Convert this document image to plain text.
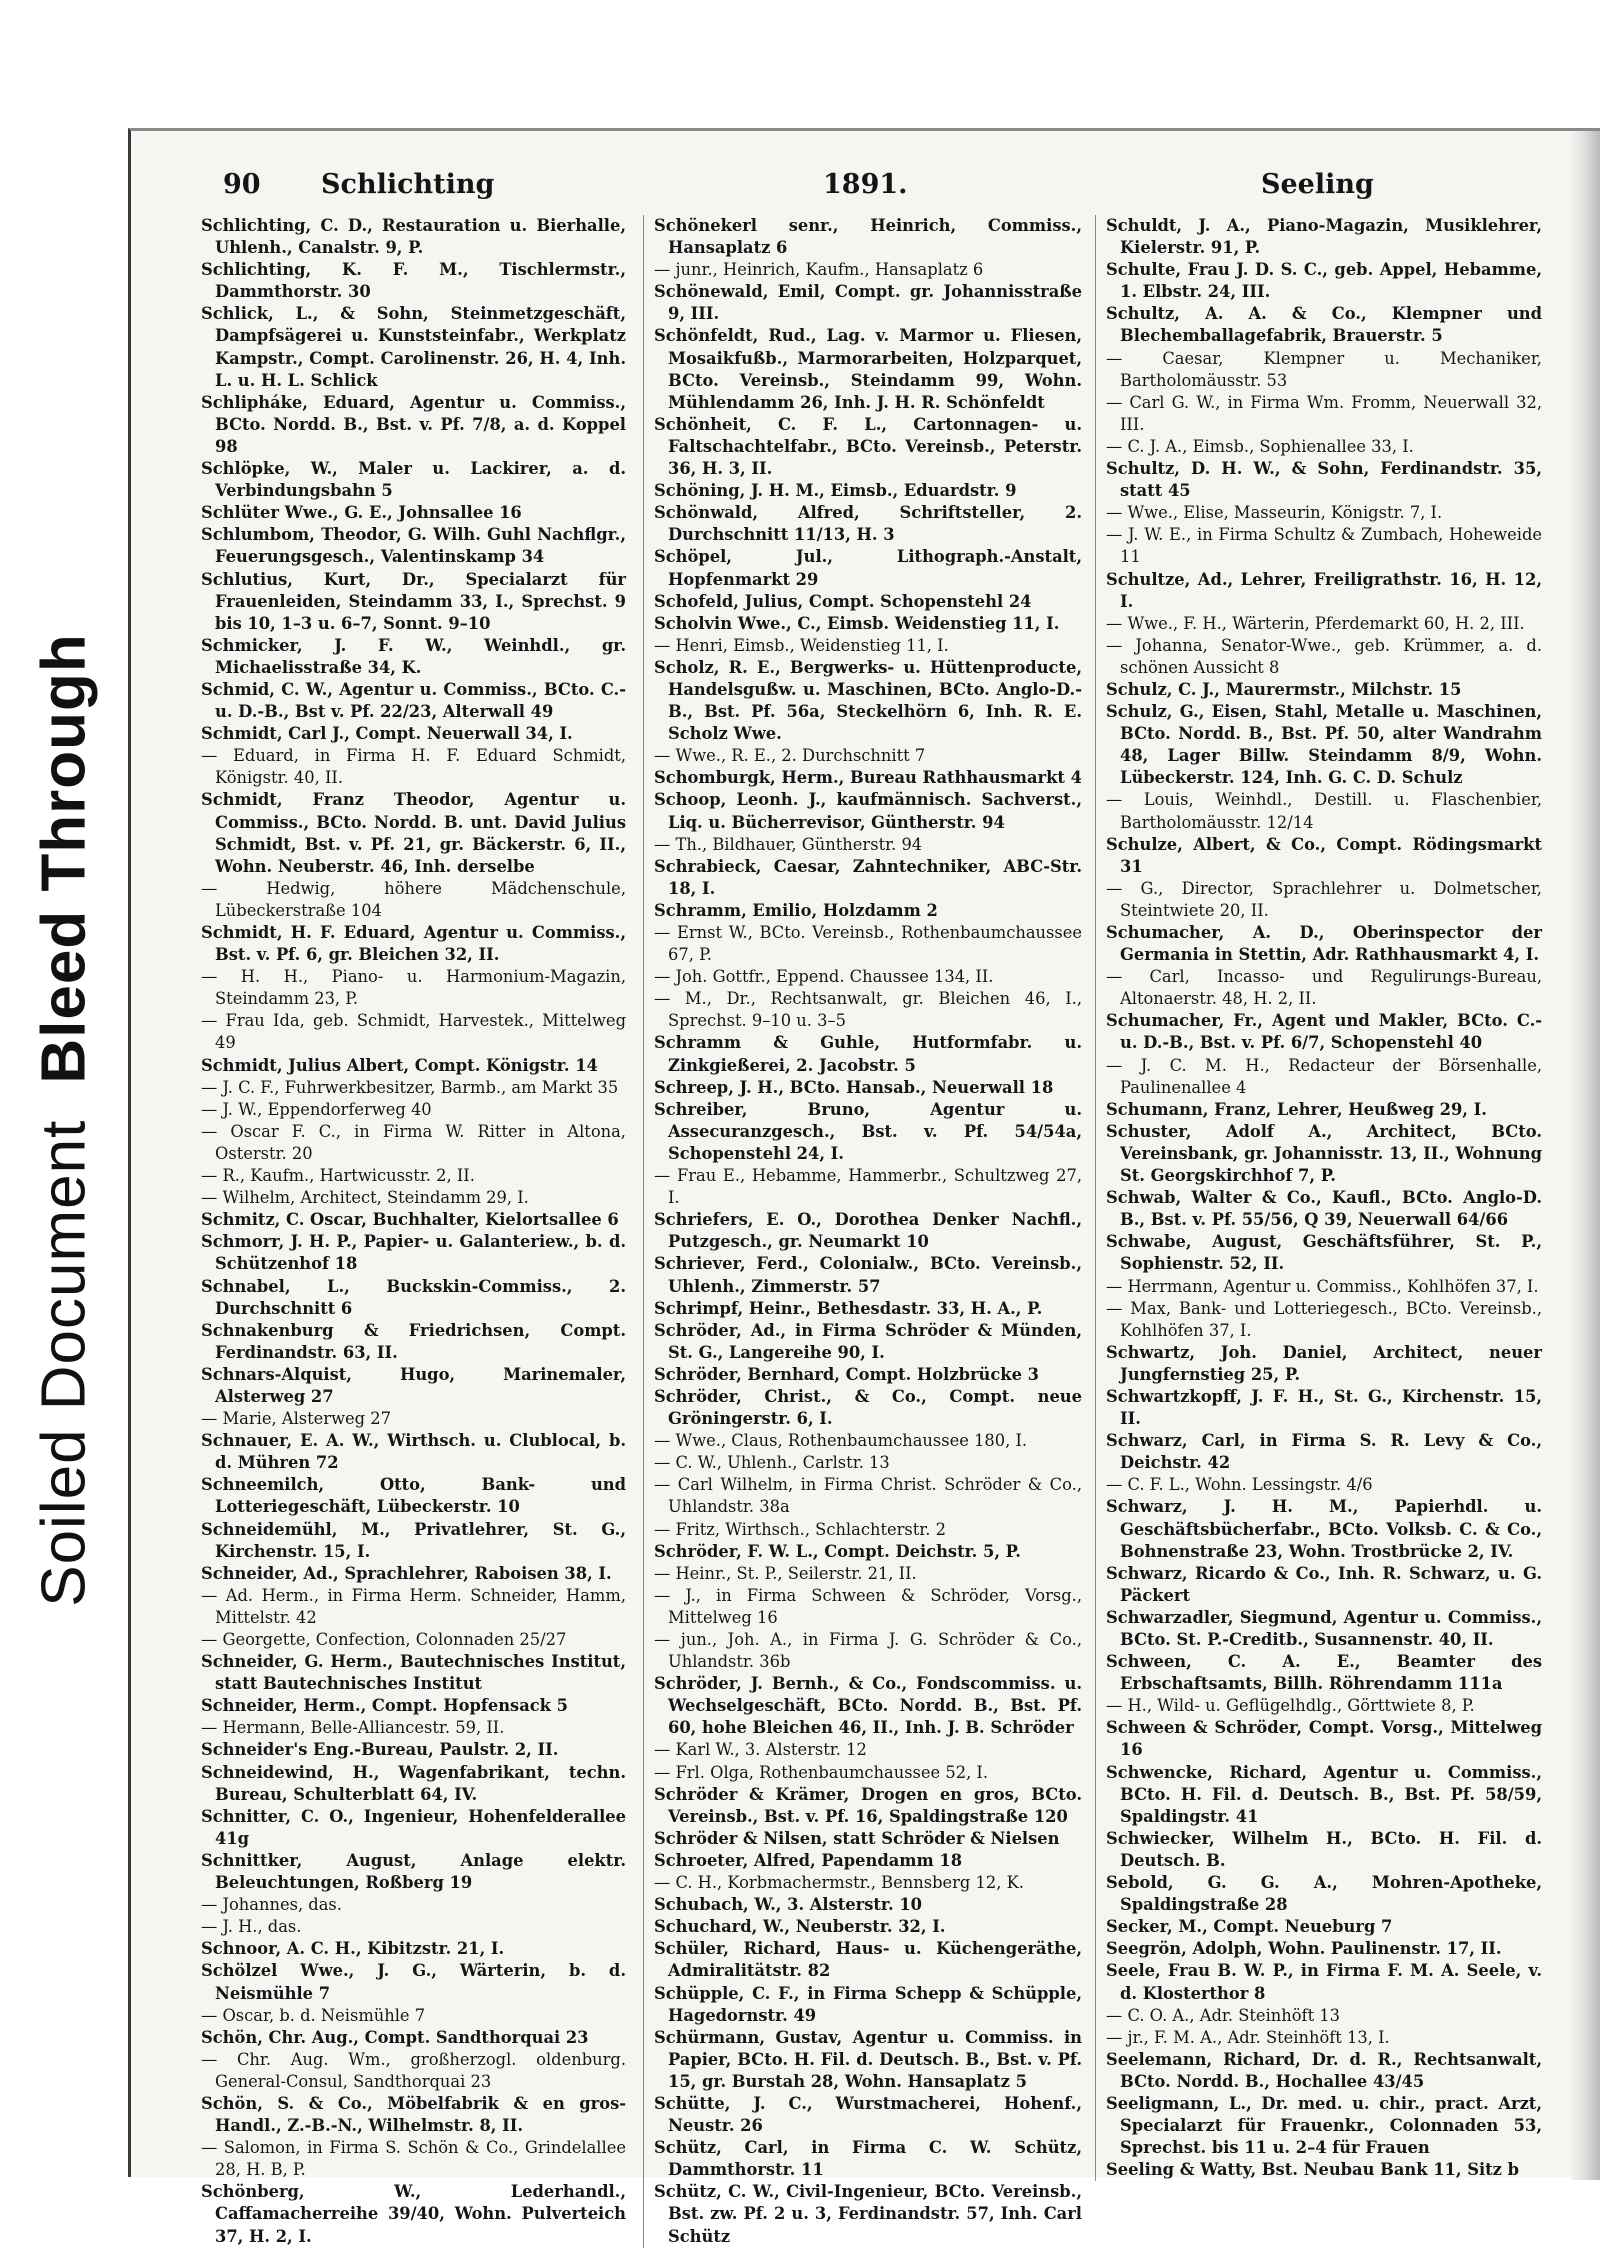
Soiled DocumentBleed Through
90 Schlichting	1891.	Seeling
Schlichting, C. D., Restauration u. Bierhalle, Uhlenh., Canalstr. 9, P.
Schlichting, K. F. M., Tischlermstr., Dammthorstr. 30
Schlick, L., & Sohn, Steinmetzgeschäft, Dampfsägerei u. Kunststeinfabr., Werkplatz Kampstr., Compt. Carolinenstr. 26, H. 4, Inh. L. u. H. L. Schlick
Schlipháke, Eduard, Agentur u. Commiss., BCto. Nordd. B., Bst. v. Pf. 7/8, a. d. Koppel 98
Schlöpke, W., Maler u. Lackirer, a. d. Verbindungsbahn 5
Schlüter Wwe., G. E., Johnsallee 16
Schlumbom, Theodor, G. Wilh. Guhl Nachflgr., Feuerungsgesch., Valentinskamp 34
Schlutius, Kurt, Dr., Specialarzt für Frauenleiden, Steindamm 33, I., Sprechst. 9 bis 10, 1–3 u. 6–7, Sonnt. 9–10
Schmicker, J. F. W., Weinhdl., gr. Michaelisstraße 34, K.
Schmid, C. W., Agentur u. Commiss., BCto. C.- u. D.-B., Bst v. Pf. 22/23, Alterwall 49
Schmidt, Carl J., Compt. Neuerwall 34, I.
— Eduard, in Firma H. F. Eduard Schmidt, Königstr. 40, II.
Schmidt, Franz Theodor, Agentur u. Commiss., BCto. Nordd. B. unt. David Julius Schmidt, Bst. v. Pf. 21, gr. Bäckerstr. 6, II., Wohn. Neuberstr. 46, Inh. derselbe
— Hedwig, höhere Mädchenschule, Lübeckerstraße 104
Schmidt, H. F. Eduard, Agentur u. Commiss., Bst. v. Pf. 6, gr. Bleichen 32, II.
— H. H., Piano- u. Harmonium-Magazin, Steindamm 23, P.
— Frau Ida, geb. Schmidt, Harvestek., Mittelweg 49
Schmidt, Julius Albert, Compt. Königstr. 14
— J. C. F., Fuhrwerkbesitzer, Barmb., am Markt 35
— J. W., Eppendorferweg 40
— Oscar F. C., in Firma W. Ritter in Altona, Osterstr. 20
— R., Kaufm., Hartwicusstr. 2, II.
— Wilhelm, Architect, Steindamm 29, I.
Schmitz, C. Oscar, Buchhalter, Kielortsallee 6
Schmorr, J. H. P., Papier- u. Galanteriew., b. d. Schützenhof 18
Schnabel, L., Buckskin-Commiss., 2. Durchschnitt 6
Schnakenburg & Friedrichsen, Compt. Ferdinandstr. 63, II.
Schnars-Alquist, Hugo, Marinemaler, Alsterweg 27
— Marie, Alsterweg 27
Schnauer, E. A. W., Wirthsch. u. Clublocal, b. d. Mühren 72
Schneemilch, Otto, Bank- und Lotteriegeschäft, Lübeckerstr. 10
Schneidemühl, M., Privatlehrer, St. G., Kirchenstr. 15, I.
Schneider, Ad., Sprachlehrer, Raboisen 38, I.
— Ad. Herm., in Firma Herm. Schneider, Hamm, Mittelstr. 42
— Georgette, Confection, Colonnaden 25/27
Schneider, G. Herm., Bautechnisches Institut, statt Bautechnisches Institut
Schneider, Herm., Compt. Hopfensack 5
— Hermann, Belle-Alliancestr. 59, II.
Schneider's Eng.-Bureau, Paulstr. 2, II.
Schneidewind, H., Wagenfabrikant, techn. Bureau, Schulterblatt 64, IV.
Schnitter, C. O., Ingenieur, Hohenfelderallee 41g
Schnittker, August, Anlage elektr. Beleuchtungen, Roßberg 19
— Johannes, das.
— J. H., das.
Schnoor, A. C. H., Kibitzstr. 21, I.
Schölzel Wwe., J. G., Wärterin, b. d. Neismühle 7
— Oscar, b. d. Neismühle 7
Schön, Chr. Aug., Compt. Sandthorquai 23
— Chr. Aug. Wm., großherzogl. oldenburg. General-Consul, Sandthorquai 23
Schön, S. & Co., Möbelfabrik & en gros-Handl., Z.-B.-N., Wilhelmstr. 8, II.
— Salomon, in Firma S. Schön & Co., Grindelallee 28, H. B, P.
Schönberg, W., Lederhandl., Caffamacherreihe 39/40, Wohn. Pulverteich 37, H. 2, I.
Schönekerl senr., Heinrich, Commiss., Hansaplatz 6
— junr., Heinrich, Kaufm., Hansaplatz 6
Schönewald, Emil, Compt. gr. Johannisstraße 9, III.
Schönfeldt, Rud., Lag. v. Marmor u. Fliesen, Mosaikfußb., Marmorarbeiten, Holzparquet, BCto. Vereinsb., Steindamm 99, Wohn. Mühlendamm 26, Inh. J. H. R. Schönfeldt
Schönheit, C. F. L., Cartonnagen- u. Faltschachtelfabr., BCto. Vereinsb., Peterstr. 36, H. 3, II.
Schöning, J. H. M., Eimsb., Eduardstr. 9
Schönwald, Alfred, Schriftsteller, 2. Durchschnitt 11/13, H. 3
Schöpel, Jul., Lithograph.-Anstalt, Hopfenmarkt 29
Schofeld, Julius, Compt. Schopenstehl 24
Scholvin Wwe., C., Eimsb. Weidenstieg 11, I.
— Henri, Eimsb., Weidenstieg 11, I.
Scholz, R. E., Bergwerks- u. Hüttenproducte, Handelsgußw. u. Maschinen, BCto. Anglo-D.-B., Bst. Pf. 56a, Steckelhörn 6, Inh. R. E. Scholz Wwe.
— Wwe., R. E., 2. Durchschnitt 7
Schomburgk, Herm., Bureau Rathhausmarkt 4
Schoop, Leonh. J., kaufmännisch. Sachverst., Liq. u. Bücherrevisor, Güntherstr. 94
— Th., Bildhauer, Güntherstr. 94
Schrabieck, Caesar, Zahntechniker, ABC-Str. 18, I.
Schramm, Emilio, Holzdamm 2
— Ernst W., BCto. Vereinsb., Rothenbaumchaussee 67, P.
— Joh. Gottfr., Eppend. Chaussee 134, II.
— M., Dr., Rechtsanwalt, gr. Bleichen 46, I., Sprechst. 9–10 u. 3–5
Schramm & Guhle, Hutformfabr. u. Zinkgießerei, 2. Jacobstr. 5
Schreep, J. H., BCto. Hansab., Neuerwall 18
Schreiber, Bruno, Agentur u. Assecuranzgesch., Bst. v. Pf. 54/54a, Schopenstehl 24, I.
— Frau E., Hebamme, Hammerbr., Schultzweg 27, I.
Schriefers, E. O., Dorothea Denker Nachfl., Putzgesch., gr. Neumarkt 10
Schriever, Ferd., Colonialw., BCto. Vereinsb., Uhlenh., Zimmerstr. 57
Schrimpf, Heinr., Bethesdastr. 33, H. A., P.
Schröder, Ad., in Firma Schröder & Münden, St. G., Langereihe 90, I.
Schröder, Bernhard, Compt. Holzbrücke 3
Schröder, Christ., & Co., Compt. neue Gröningerstr. 6, I.
— Wwe., Claus, Rothenbaumchaussee 180, I.
— C. W., Uhlenh., Carlstr. 13
— Carl Wilhelm, in Firma Christ. Schröder & Co., Uhlandstr. 38a
— Fritz, Wirthsch., Schlachterstr. 2
Schröder, F. W. L., Compt. Deichstr. 5, P.
— Heinr., St. P., Seilerstr. 21, II.
— J., in Firma Schween & Schröder, Vorsg., Mittelweg 16
— jun., Joh. A., in Firma J. G. Schröder & Co., Uhlandstr. 36b
Schröder, J. Bernh., & Co., Fondscommiss. u. Wechselgeschäft, BCto. Nordd. B., Bst. Pf. 60, hohe Bleichen 46, II., Inh. J. B. Schröder
— Karl W., 3. Alsterstr. 12
— Frl. Olga, Rothenbaumchaussee 52, I.
Schröder & Krämer, Drogen en gros, BCto. Vereinsb., Bst. v. Pf. 16, Spaldingstraße 120
Schröder & Nilsen, statt Schröder & Nielsen
Schroeter, Alfred, Papendamm 18
— C. H., Korbmachermstr., Bennsberg 12, K.
Schubach, W., 3. Alsterstr. 10
Schuchard, W., Neuberstr. 32, I.
Schüler, Richard, Haus- u. Küchengeräthe, Admiralitätstr. 82
Schüpple, C. F., in Firma Schepp & Schüpple, Hagedornstr. 49
Schürmann, Gustav, Agentur u. Commiss. in Papier, BCto. H. Fil. d. Deutsch. B., Bst. v. Pf. 15, gr. Burstah 28, Wohn. Hansaplatz 5
Schütte, J. C., Wurstmacherei, Hohenf., Neustr. 26
Schütz, Carl, in Firma C. W. Schütz, Dammthorstr. 11
Schütz, C. W., Civil-Ingenieur, BCto. Vereinsb., Bst. zw. Pf. 2 u. 3, Ferdinandstr. 57, Inh. Carl Schütz
Schuldt, J. A., Piano-Magazin, Musiklehrer, Kielerstr. 91, P.
Schulte, Frau J. D. S. C., geb. Appel, Hebamme, 1. Elbstr. 24, III.
Schultz, A. A. & Co., Klempner und Blechemballagefabrik, Brauerstr. 5
— Caesar, Klempner u. Mechaniker, Bartholomäusstr. 53
— Carl G. W., in Firma Wm. Fromm, Neuerwall 32, III.
— C. J. A., Eimsb., Sophienallee 33, I.
Schultz, D. H. W., & Sohn, Ferdinandstr. 35, statt 45
— Wwe., Elise, Masseurin, Königstr. 7, I.
— J. W. E., in Firma Schultz & Zumbach, Hoheweide 11
Schultze, Ad., Lehrer, Freiligrathstr. 16, H. 12, I.
— Wwe., F. H., Wärterin, Pferdemarkt 60, H. 2, III.
— Johanna, Senator-Wwe., geb. Krümmer, a. d. schönen Aussicht 8
Schulz, C. J., Maurermstr., Milchstr. 15
Schulz, G., Eisen, Stahl, Metalle u. Maschinen, BCto. Nordd. B., Bst. Pf. 50, alter Wandrahm 48, Lager Billw. Steindamm 8/9, Wohn. Lübeckerstr. 124, Inh. G. C. D. Schulz
— Louis, Weinhdl., Destill. u. Flaschenbier, Bartholomäusstr. 12/14
Schulze, Albert, & Co., Compt. Rödingsmarkt 31
— G., Director, Sprachlehrer u. Dolmetscher, Steintwiete 20, II.
Schumacher, A. D., Oberinspector der Germania in Stettin, Adr. Rathhausmarkt 4, I.
— Carl, Incasso- und Regulirungs-Bureau, Altonaerstr. 48, H. 2, II.
Schumacher, Fr., Agent und Makler, BCto. C.- u. D.-B., Bst. v. Pf. 6/7, Schopenstehl 40
— J. C. M. H., Redacteur der Börsenhalle, Paulinenallee 4
Schumann, Franz, Lehrer, Heußweg 29, I.
Schuster, Adolf A., Architect, BCto. Vereinsbank, gr. Johannisstr. 13, II., Wohnung St. Georgskirchhof 7, P.
Schwab, Walter & Co., Kaufl., BCto. Anglo-D. B., Bst. v. Pf. 55/56, Q 39, Neuerwall 64/66
Schwabe, August, Geschäftsführer, St. P., Sophienstr. 52, II.
— Herrmann, Agentur u. Commiss., Kohlhöfen 37, I.
— Max, Bank- und Lotteriegesch., BCto. Vereinsb., Kohlhöfen 37, I.
Schwartz, Joh. Daniel, Architect, neuer Jungfernstieg 25, P.
Schwartzkopff, J. F. H., St. G., Kirchenstr. 15, II.
Schwarz, Carl, in Firma S. R. Levy & Co., Deichstr. 42
— C. F. L., Wohn. Lessingstr. 4/6
Schwarz, J. H. M., Papierhdl. u. Geschäftsbücherfabr., BCto. Volksb. C. & Co., Bohnenstraße 23, Wohn. Trostbrücke 2, IV.
Schwarz, Ricardo & Co., Inh. R. Schwarz, u. G. Päckert
Schwarzadler, Siegmund, Agentur u. Commiss., BCto. St. P.-Creditb., Susannenstr. 40, II.
Schween, C. A. E., Beamter des Erbschaftsamts, Billh. Röhrendamm 111a
— H., Wild- u. Geflügelhdlg., Görttwiete 8, P.
Schween & Schröder, Compt. Vorsg., Mittelweg 16
Schwencke, Richard, Agentur u. Commiss., BCto. H. Fil. d. Deutsch. B., Bst. Pf. 58/59, Spaldingstr. 41
Schwiecker, Wilhelm H., BCto. H. Fil. d. Deutsch. B.
Sebold, G. G. A., Mohren-Apotheke, Spaldingstraße 28
Secker, M., Compt. Neueburg 7
Seegrön, Adolph, Wohn. Paulinenstr. 17, II.
Seele, Frau B. W. P., in Firma F. M. A. Seele, v. d. Klosterthor 8
— C. O. A., Adr. Steinhöft 13
— jr., F. M. A., Adr. Steinhöft 13, I.
Seelemann, Richard, Dr. d. R., Rechtsanwalt, BCto. Nordd. B., Hochallee 43/45
Seeligmann, L., Dr. med. u. chir., pract. Arzt, Specialarzt für Frauenkr., Colonnaden 53, Sprechst. bis 11 u. 2–4 für Frauen
Seeling & Watty, Bst. Neubau Bank 11, Sitz b
